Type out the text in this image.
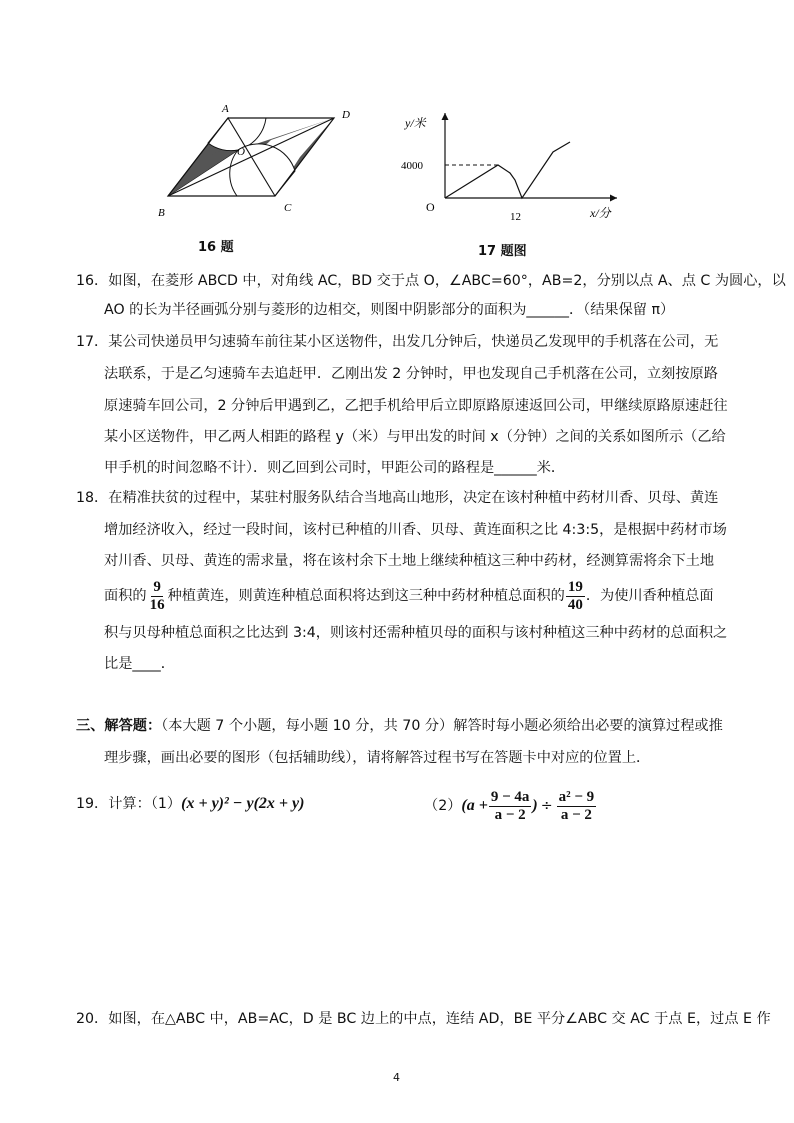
A	D
O
B	C
16 题
y/米
4000
O
12	x/分
17 题图
16．如图，在菱形 ABCD 中，对角线 AC，BD 交于点 O，∠ABC=60°，AB=2，分别以点 A、点 C 为圆心，以
AO 的长为半径画弧分别与菱形的边相交，则图中阴影部分的面积为______．（结果保留 π）
17．某公司快递员甲匀速骑车前往某小区送物件，出发几分钟后，快递员乙发现甲的手机落在公司，无
法联系，于是乙匀速骑车去追赶甲．乙刚出发 2 分钟时，甲也发现自己手机落在公司，立刻按原路
原速骑车回公司，2 分钟后甲遇到乙，乙把手机给甲后立即原路原速返回公司，甲继续原路原速赶往
某小区送物件，甲乙两人相距的路程 y（米）与甲出发的时间 x（分钟）之间的关系如图所示（乙给
甲手机的时间忽略不计）．则乙回到公司时，甲距公司的路程是______米．
18．在精准扶贫的过程中，某驻村服务队结合当地高山地形，决定在该村种植中药材川香、贝母、黄连
增加经济收入，经过一段时间，该村已种植的川香、贝母、黄连面积之比 4:3:5，是根据中药材市场
对川香、贝母、黄连的需求量，将在该村余下土地上继续种植这三种中药材，经测算需将余下土地
面积的 $\frac{9}{16}$ 种植黄连，则黄连种植总面积将达到这三种中药材种植总面积的 $\frac{19}{40}$ ．为使川香种植总面
积与贝母种植总面积之比达到 3:4，则该村还需种植贝母的面积与该村种植这三种中药材的总面积之
比是____．
三、解答题：（本大题 7 个小题，每小题 10 分，共 70 分）解答时每小题必须给出必要的演算过程或推
理步骤，画出必要的图形（包括辅助线），请将解答过程书写在答题卡中对应的位置上．
19．计算：（1）(x + y)² − y(2x + y)	$(2)(a + \frac{9 - 4a}{a - 2}$ ) ÷ $\frac{\text{a² − 9}}{a - 2}$
20．如图，在△ABC 中，AB=AC，D 是 BC 边上的中点，连结 AD，BE 平分∠ABC 交 AC 于点 E，过点 E 作
4
